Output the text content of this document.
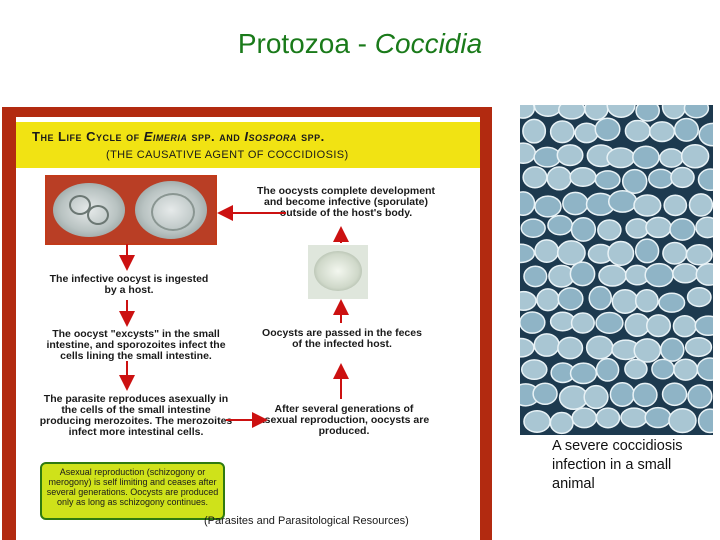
Protozoa - Coccidia
The Life Cycle of Eimeria spp. and Isospora spp.
(THE CAUSATIVE AGENT OF COCCIDIOSIS)
The oocysts complete development and become infective (sporulate) outside of the host's body.
The infective oocyst is ingested by a host.
The oocyst "excysts" in the small intestine, and sporozoites infect the cells lining the small intestine.
Oocysts are passed in the feces of the infected host.
The parasite reproduces asexually in the cells of the small intestine producing merozoites. The merozoites infect more intestinal cells.
After several generations of asexual reproduction, oocysts are produced.
Asexual reproduction (schizogony or merogony) is self limiting and ceases after several generations. Oocysts are produced only as long as schizogony continues.
(Parasites and Parasitological Resources)
A severe coccidiosis infection in a small animal
